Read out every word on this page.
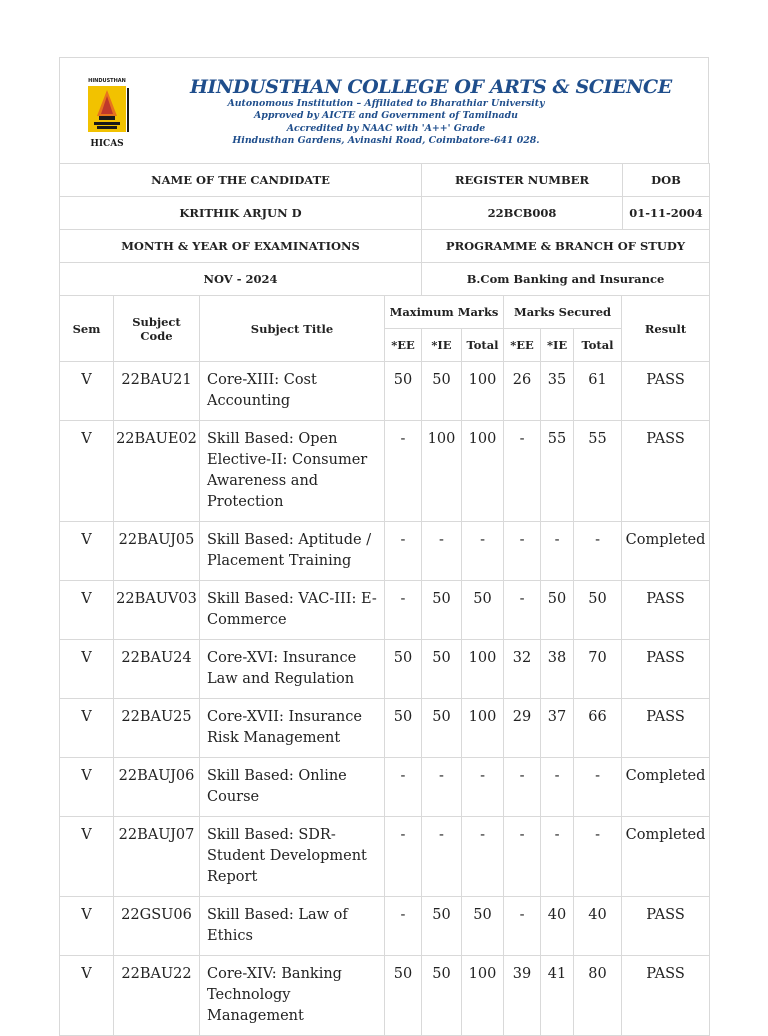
HINDUSTHAN
HICAS
HINDUSTHAN COLLEGE OF ARTS & SCIENCE
Autonomous Institution – Affiliated to Bharathiar University
Approved by AICTE and Government of Tamilnadu
Accredited by NAAC with 'A++' Grade
Hindusthan Gardens, Avinashi Road, Coimbatore-641 028.
NAME OF THE CANDIDATE	REGISTER NUMBER	DOB
KRITHIK ARJUN D	22BCB008	01-11-2004
MONTH & YEAR OF EXAMINATIONS	PROGRAMME & BRANCH OF STUDY	
NOV - 2024	B.Com Banking and Insurance	
Sem	Subject Code	Subject Title	Maximum Marks			Marks Secured			Result
			*EE	*IE	Total	*EE	*IE	Total	
V	22BAU21	Core-XIII: Cost Accounting	50	50	100	26	35	61	PASS
V	22BAUE02	Skill Based: Open Elective-II: Consumer Awareness and Protection	-	100	100	-	55	55	PASS
V	22BAUJ05	Skill Based: Aptitude / Placement Training	-	-	-	-	-	-	Completed
V	22BAUV03	Skill Based: VAC-III: E-Commerce	-	50	50	-	50	50	PASS
V	22BAU24	Core-XVI: Insurance Law and Regulation	50	50	100	32	38	70	PASS
V	22BAU25	Core-XVII: Insurance Risk Management	50	50	100	29	37	66	PASS
V	22BAUJ06	Skill Based: Online Course	-	-	-	-	-	-	Completed
V	22BAUJ07	Skill Based: SDR-Student Development Report	-	-	-	-	-	-	Completed
V	22GSU06	Skill Based: Law of Ethics	-	50	50	-	40	40	PASS
V	22BAU22	Core-XIV: Banking Technology Management	50	50	100	39	41	80	PASS
